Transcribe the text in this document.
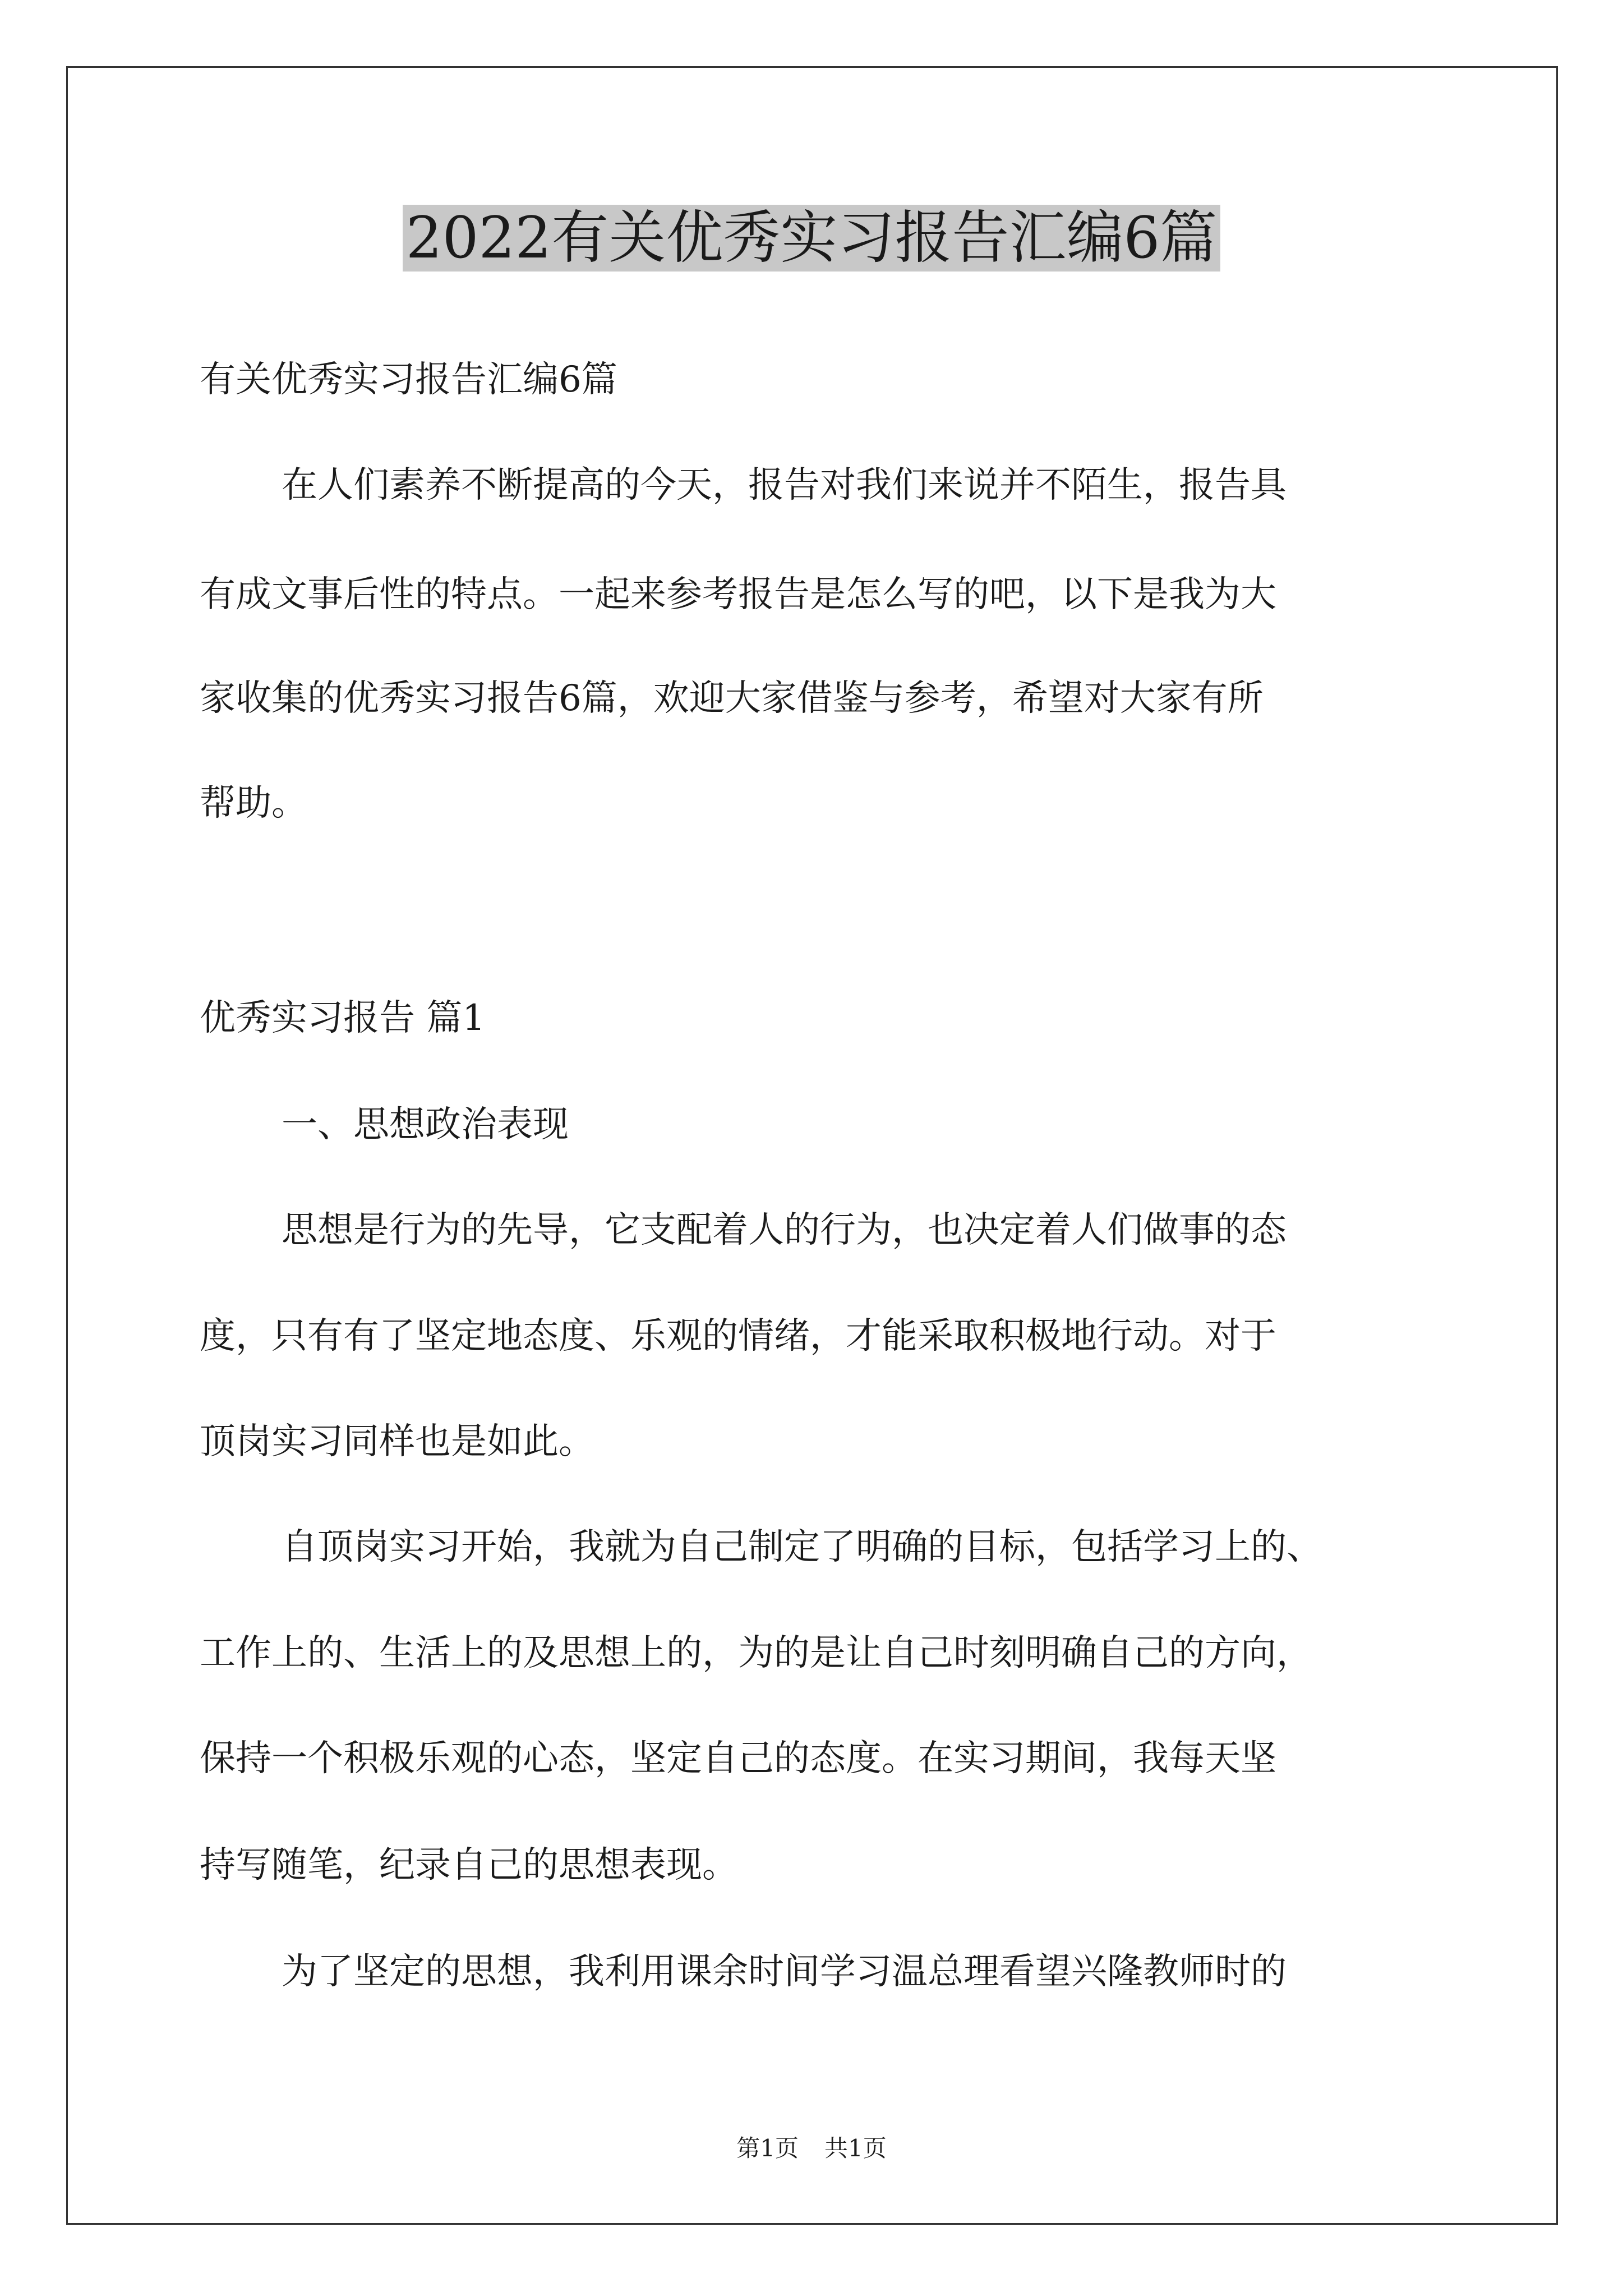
2022有关优秀实习报告汇编6篇

有关优秀实习报告汇编6篇

在人们素养不断提高的今天，报告对我们来说并不陌生，报告具

有成文事后性的特点。一起来参考报告是怎么写的吧，以下是我为大

家收集的优秀实习报告6篇，欢迎大家借鉴与参考，希望对大家有所

帮助。

优秀实习报告 篇1

一、思想政治表现

思想是行为的先导，它支配着人的行为，也决定着人们做事的态

度，只有有了坚定地态度、乐观的情绪，才能采取积极地行动。对于

顶岗实习同样也是如此。

自顶岗实习开始，我就为自己制定了明确的目标，包括学习上的、

工作上的、生活上的及思想上的，为的是让自己时刻明确自己的方向，

保持一个积极乐观的心态，坚定自己的态度。在实习期间，我每天坚

持写随笔，纪录自己的思想表现。

为了坚定的思想，我利用课余时间学习温总理看望兴隆教师时的

第1页 共1页
